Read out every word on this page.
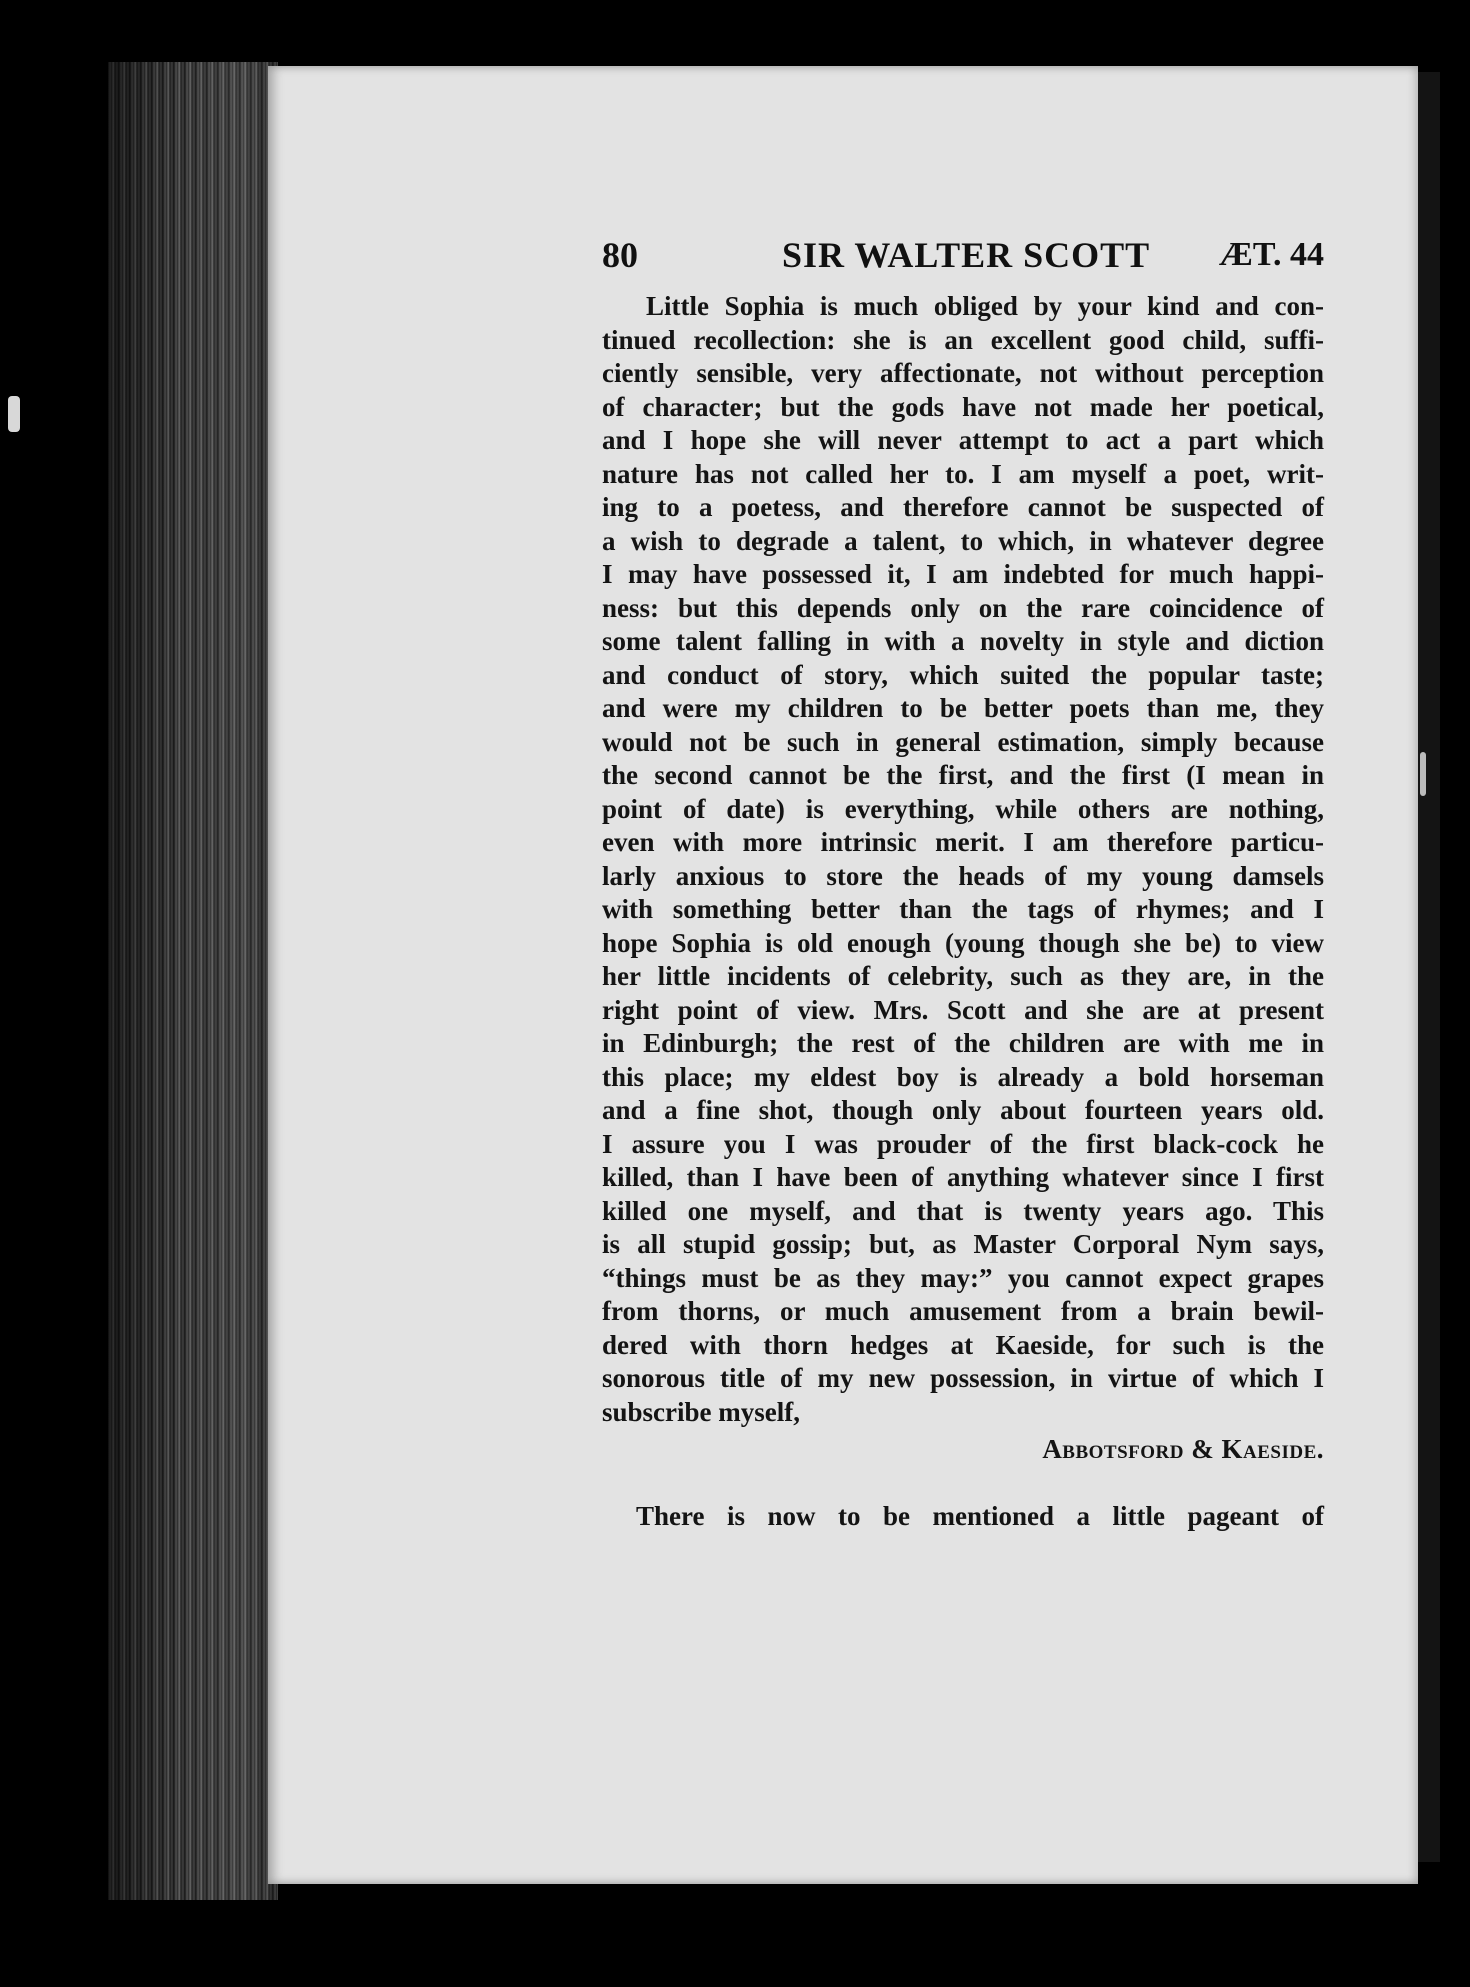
80	SIR WALTER SCOTT ÆT. 44
Little Sophia is much obliged by your kind and con-
tinued recollection: she is an excellent good child, suffi-
ciently sensible, very affectionate, not without perception
of character; but the gods have not made her poetical,
and I hope she will never attempt to act a part which
nature has not called her to. I am myself a poet, writ-
ing to a poetess, and therefore cannot be suspected of
a wish to degrade a talent, to which, in whatever degree
I may have possessed it, I am indebted for much happi-
ness: but this depends only on the rare coincidence of
some talent falling in with a novelty in style and diction
and conduct of story, which suited the popular taste;
and were my children to be better poets than me, they
would not be such in general estimation, simply because
the second cannot be the first, and the first (I mean in
point of date) is everything, while others are nothing,
even with more intrinsic merit. I am therefore particu-
larly anxious to store the heads of my young damsels
with something better than the tags of rhymes; and I
hope Sophia is old enough (young though she be) to view
her little incidents of celebrity, such as they are, in the
right point of view. Mrs. Scott and she are at present
in Edinburgh; the rest of the children are with me in
this place; my eldest boy is already a bold horseman
and a fine shot, though only about fourteen years old.
I assure you I was prouder of the first black-cock he
killed, than I have been of anything whatever since I first
killed one myself, and that is twenty years ago. This
is all stupid gossip; but, as Master Corporal Nym says,
“things must be as they may:” you cannot expect grapes
from thorns, or much amusement from a brain bewil-
dered with thorn hedges at Kaeside, for such is the
sonorous title of my new possession, in virtue of which I
subscribe myself,
Abbotsford & Kaeside.
There is now to be mentioned a little pageant of
